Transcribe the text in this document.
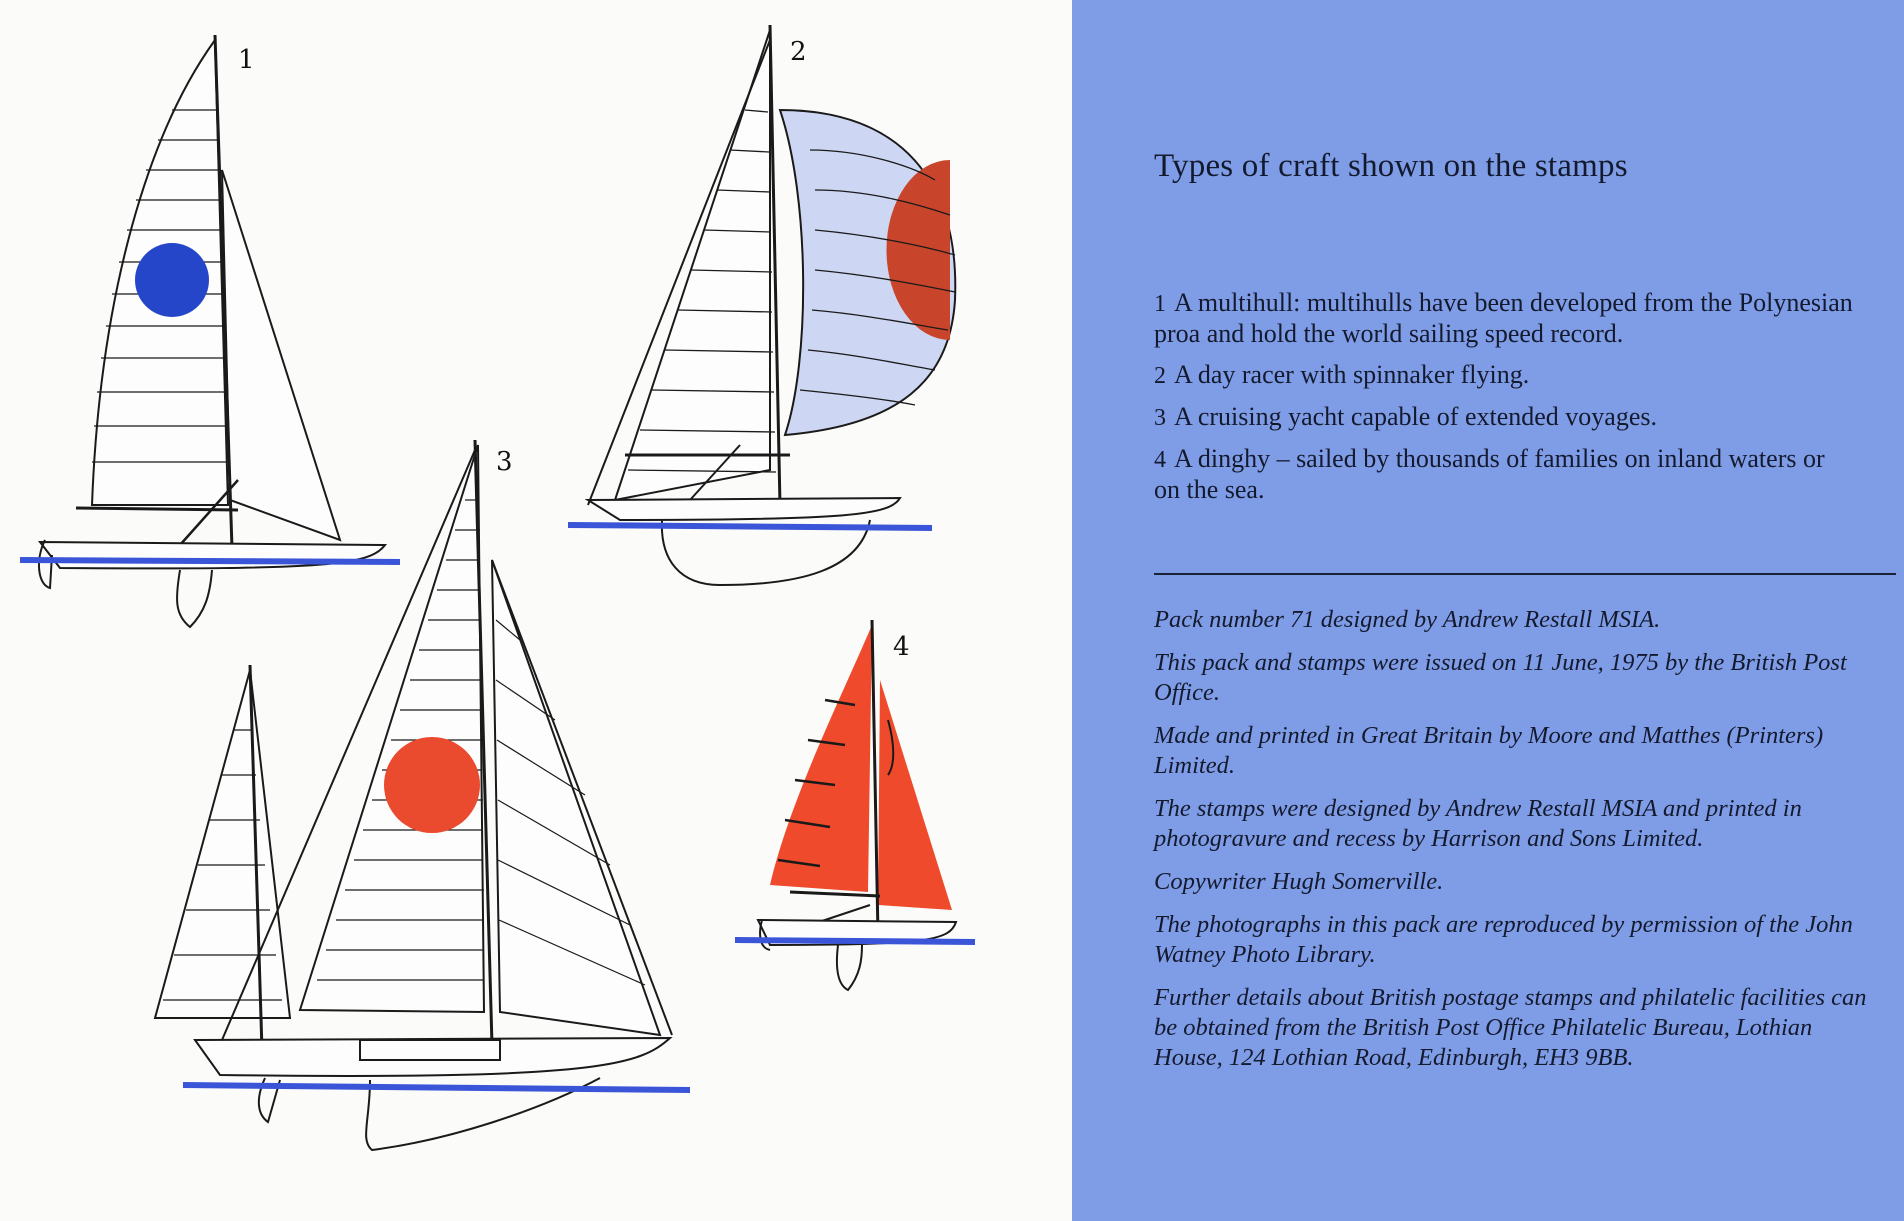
1	2
3
4
Types of craft shown on the stamps

1 A multihull: multihulls have been developed from the Polynesian proa and hold the world sailing speed record.

2 A day racer with spinnaker flying.

3 A cruising yacht capable of extended voyages.

4 A dinghy – sailed by thousands of families on inland waters or on the sea.

Pack number 71 designed by Andrew Restall MSIA.

This pack and stamps were issued on 11 June, 1975 by the British Post Office.

Made and printed in Great Britain by Moore and Matthes (Printers) Limited.

The stamps were designed by Andrew Restall MSIA and printed in photogravure and recess by Harrison and Sons Limited.

Copywriter Hugh Somerville.

The photographs in this pack are reproduced by permission of the John Watney Photo Library.

Further details about British postage stamps and philatelic facilities can be obtained from the British Post Office Philatelic Bureau, Lothian House, 124 Lothian Road, Edinburgh, EH3 9BB.
